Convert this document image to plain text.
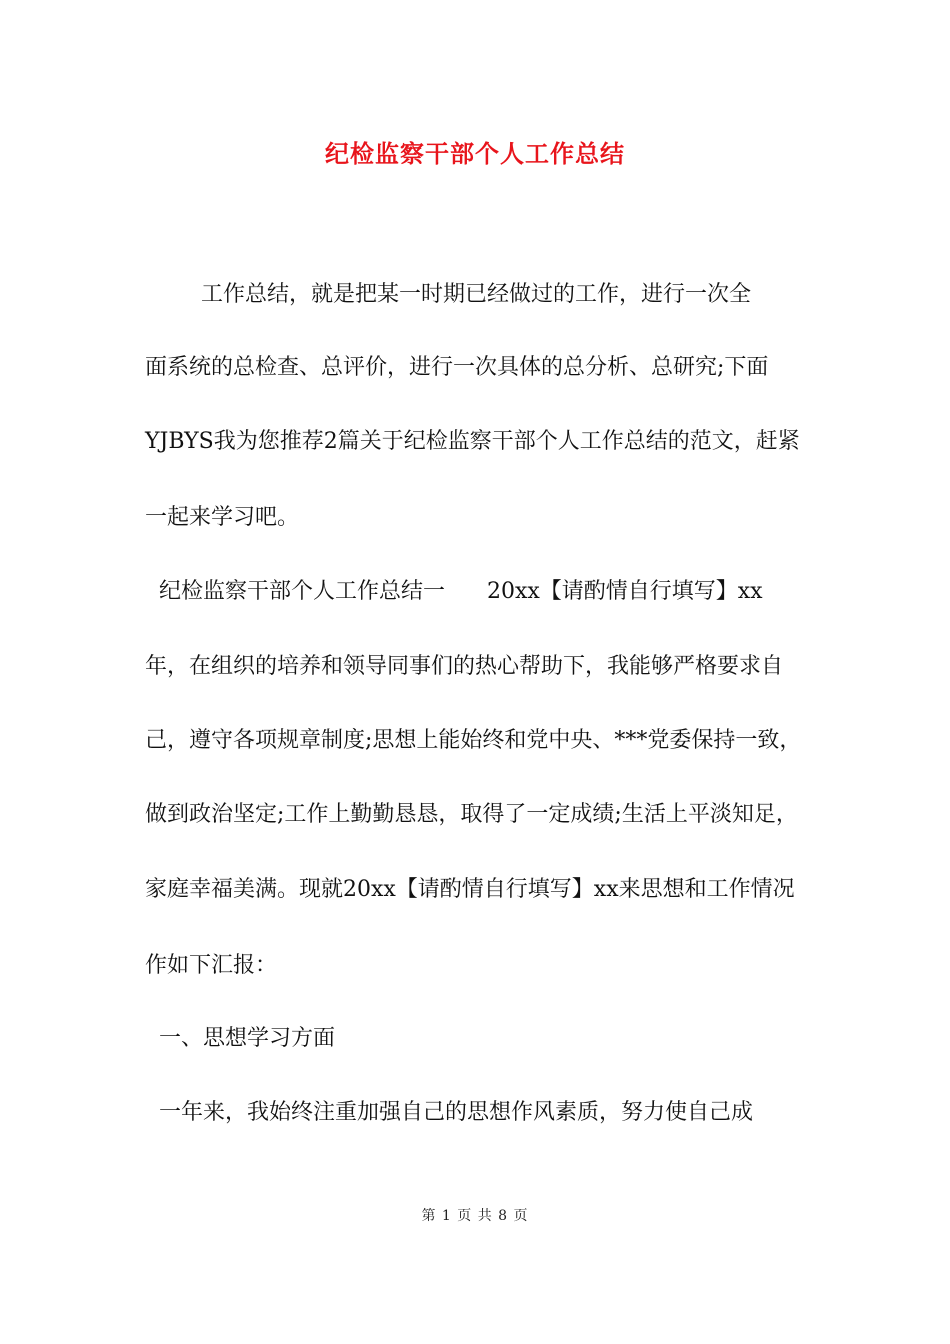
纪检监察干部个人工作总结
工作总结，就是把某一时期已经做过的工作，进行一次全
面系统的总检查、总评价，进行一次具体的总分析、总研究;下面
YJBYS我为您推荐2篇关于纪检监察干部个人工作总结的范文，赶紧
一起来学习吧。
纪检监察干部个人工作总结一      20xx【请酌情自行填写】xx
年，在组织的培养和领导同事们的热心帮助下，我能够严格要求自
己，遵守各项规章制度;思想上能始终和党中央、***党委保持一致，
做到政治坚定;工作上勤勤恳恳，取得了一定成绩;生活上平淡知足，
家庭幸福美满。现就20xx【请酌情自行填写】xx来思想和工作情况
作如下汇报：
一、思想学习方面
一年来，我始终注重加强自己的思想作风素质，努力使自己成
第 1 页 共 8 页
